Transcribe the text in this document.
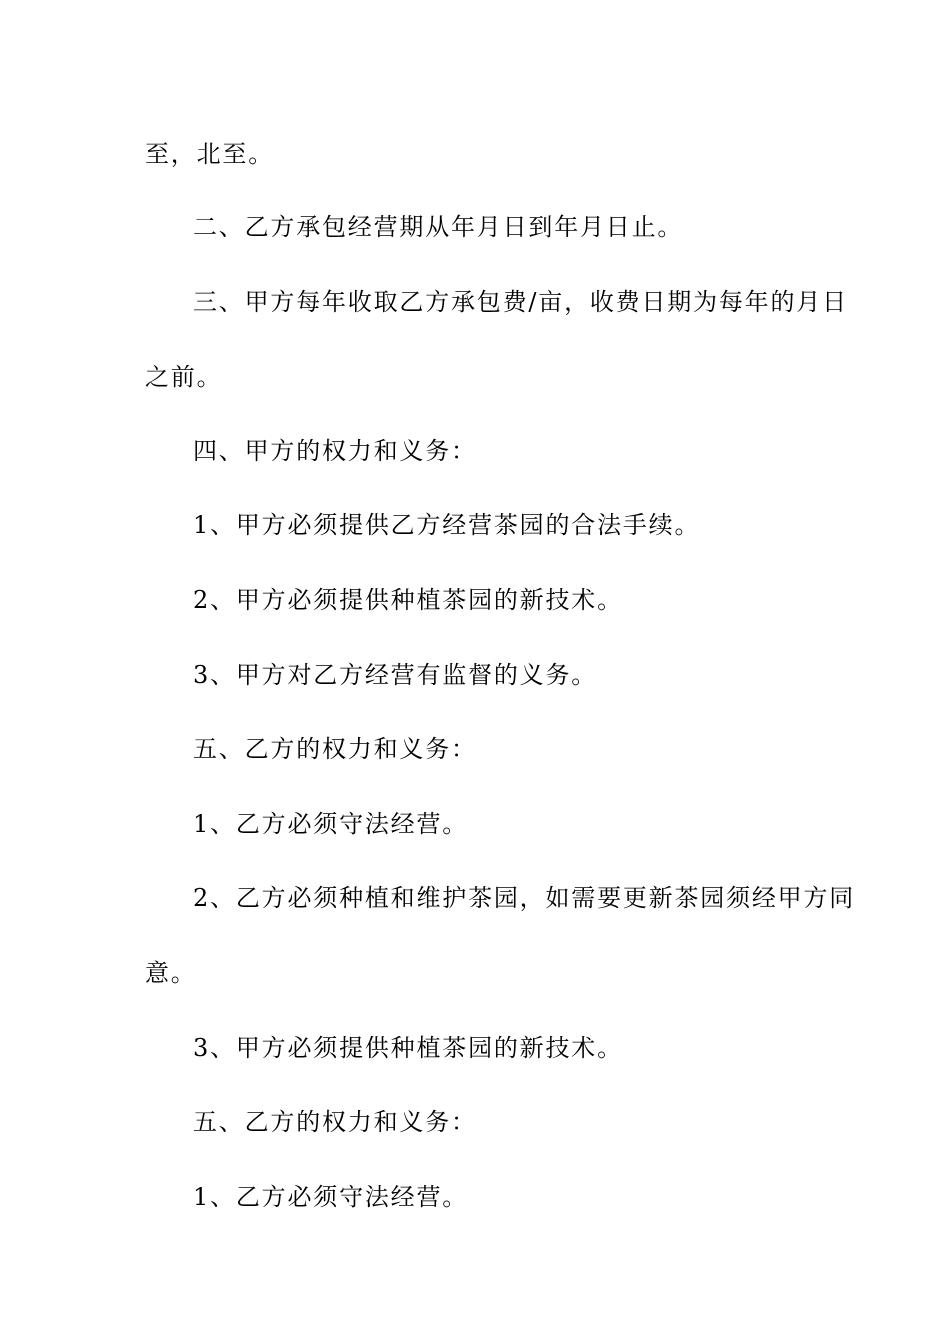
至，北至。

二、乙方承包经营期从年月日到年月日止。

三、甲方每年收取乙方承包费/亩，收费日期为每年的月日

之前。

四、甲方的权力和义务：

1、甲方必须提供乙方经营茶园的合法手续。

2、甲方必须提供种植茶园的新技术。

3、甲方对乙方经营有监督的义务。

五、乙方的权力和义务：

1、乙方必须守法经营。

2、乙方必须种植和维护茶园，如需要更新茶园须经甲方同

意。

3、甲方必须提供种植茶园的新技术。

五、乙方的权力和义务：

1、乙方必须守法经营。
